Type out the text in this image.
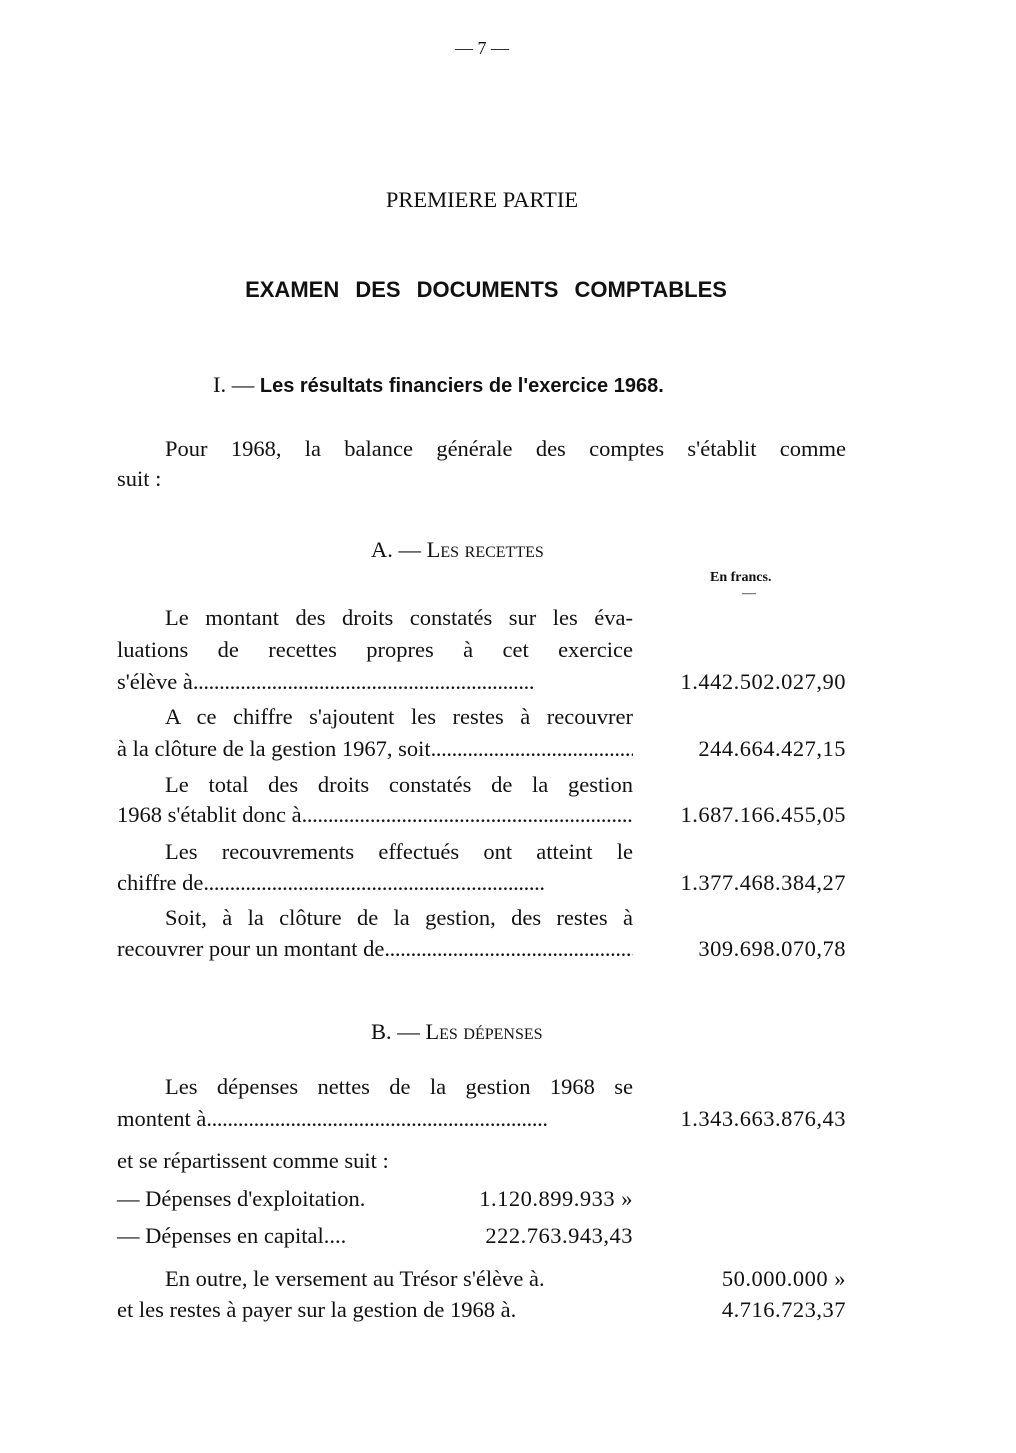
— 7 —
PREMIERE PARTIE
EXAMEN DES DOCUMENTS COMPTABLES
I. — Les résultats financiers de l'exercice 1968.
Pour 1968, la balance générale des comptes s'établit comme
suit :
A. — Les recettes
En francs.
—
Le montant des droits constatés sur les éva-
luations de recettes propres à cet exercice
s'élève à . . .	1.442.502.027,90
A ce chiffre s'ajoutent les restes à recouvrer
à la clôture de la gestion 1967, soit . . .	244.664.427,15
Le total des droits constatés de la gestion
1968 s'établit donc à . . .	1.687.166.455,05
Les recouvrements effectués ont atteint le
chiffre de . . .	1.377.468.384,27
Soit, à la clôture de la gestion, des restes à
recouvrer pour un montant de . . .	309.698.070,78
B. — Les dépenses
Les dépenses nettes de la gestion 1968 se
montent à . . .	1.343.663.876,43
et se répartissent comme suit :
— Dépenses d'exploitation.	1.120.899.933 »
— Dépenses en capital....	222.763.943,43
En outre, le versement au Trésor s'élève à.	50.000.000 »
et les restes à payer sur la gestion de 1968 à.	4.716.723,37
